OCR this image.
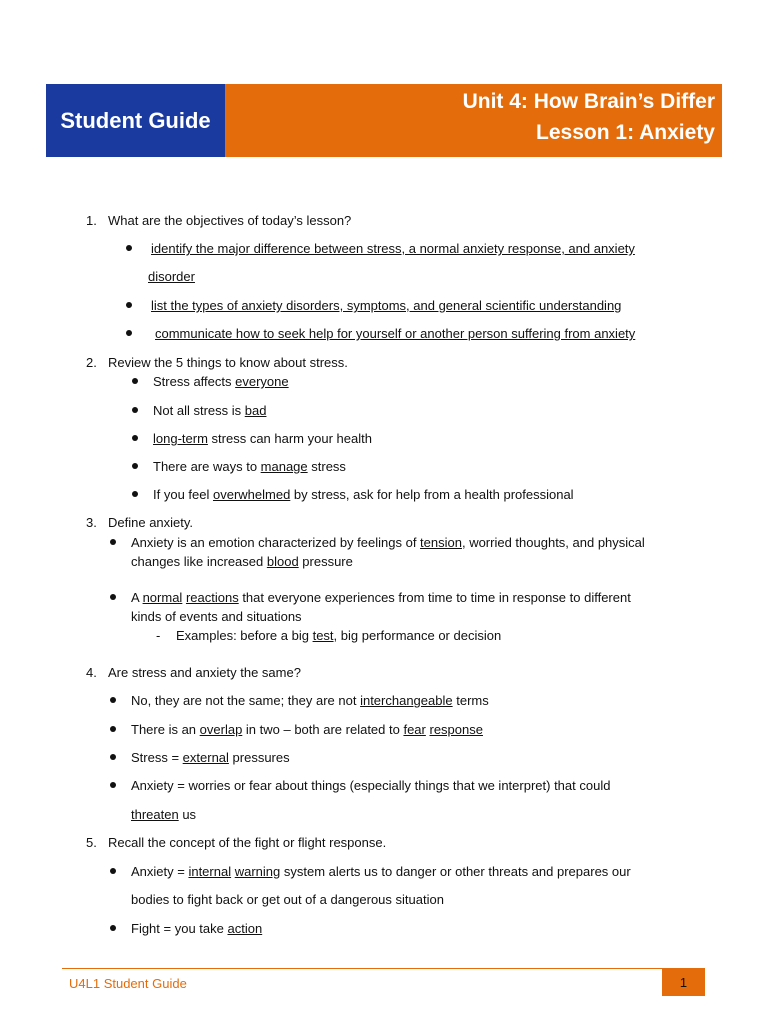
Student Guide
Unit 4: How Brain’s Differ
Lesson 1: Anxiety
1. What are the objectives of today’s lesson?
identify the major difference between stress, a normal anxiety response, and anxiety
disorder
list the types of anxiety disorders, symptoms, and general scientific understanding
communicate how to seek help for yourself or another person suffering from anxiety
2. Review the 5 things to know about stress.
Stress affects everyone
Not all stress is bad
long-term stress can harm your health
There are ways to manage stress
If you feel overwhelmed by stress, ask for help from a health professional
3. Define anxiety.
Anxiety is an emotion characterized by feelings of tension, worried thoughts, and physical
changes like increased blood pressure
A normal reactions that everyone experiences from time to time in response to different
kinds of events and situations
- Examples: before a big test, big performance or decision
4. Are stress and anxiety the same?
No, they are not the same; they are not interchangeable terms
There is an overlap in two – both are related to fear response
Stress = external pressures
Anxiety = worries or fear about things (especially things that we interpret) that could
threaten us
5. Recall the concept of the fight or flight response.
Anxiety = internal warning system alerts us to danger or other threats and prepares our
bodies to fight back or get out of a dangerous situation
Fight = you take action
U4L1 Student Guide	1
